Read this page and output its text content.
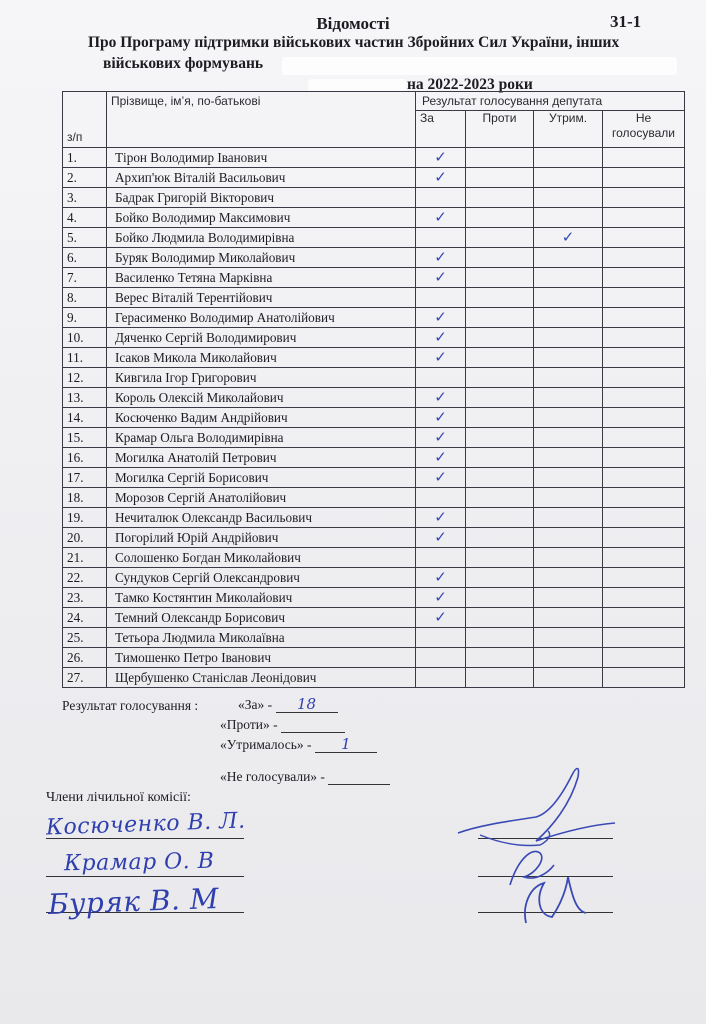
Відомості	31-1
Про Програму підтримки військових частин Збройних Сил України, інших
військових формувань
на 2022-2023 роки
з/п	Прізвище, ім’я, по-батькові	Результат голосування депутата			
		За	Проти	Утрим.	Не голосували
1.	Тірон Володимир Іванович	✓			
2.	Архип'юк Віталій Васильович	✓			
3.	Бадрак Григорій Вікторович				
4.	Бойко Володимир Максимович	✓			
5.	Бойко Людмила Володимирівна			✓	
6.	Буряк Володимир Миколайович	✓			
7.	Василенко Тетяна Марківна	✓			
8.	Верес Віталій Терентійович				
9.	Герасименко Володимир Анатолійович	✓			
10.	Дяченко Сергій Володимирович	✓			
11.	Ісаков Микола Миколайович	✓			
12.	Кивгила Ігор Григорович				
13.	Король Олексій Миколайович	✓			
14.	Косюченко Вадим Андрійович	✓			
15.	Крамар Ольга Володимирівна	✓			
16.	Могилка Анатолій Петрович	✓			
17.	Могилка Сергій Борисович	✓			
18.	Морозов Сергій Анатолійович				
19.	Нечиталюк Олександр Васильович	✓			
20.	Погорілий Юрій Андрійович	✓			
21.	Солошенко Богдан Миколайович				
22.	Сундуков Сергій Олександрович	✓			
23.	Тамко Костянтин Миколайович	✓			
24.	Темний Олександр Борисович	✓			
25.	Тетьора Людмила Миколаївна				
26.	Тимошенко Петро Іванович				
27.	Щербушенко Станіслав Леонідович				
Результат голосування :	«За» - 18
«Проти» -
«Утрималось» - 1
«Не голосували» -
Члени лічильної комісії:
Косюченко В. Л.
Крамар О. В
Буряк В. М
